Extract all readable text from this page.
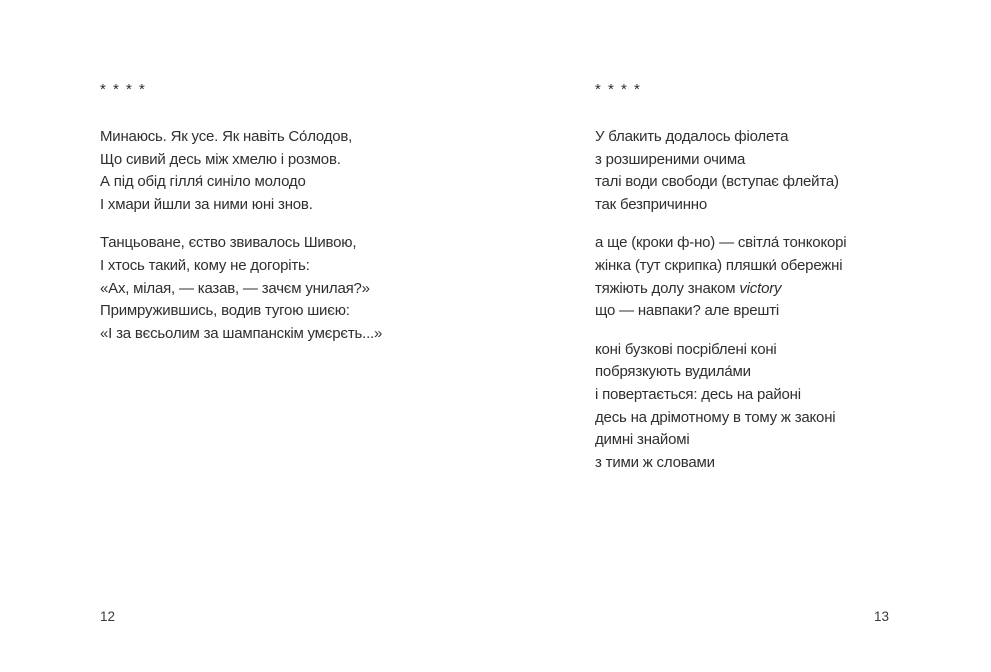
* * * *
Минаюсь. Як усе. Як навіть Со́лодов,
Що сивий десь між хмелю і розмов.
А під обід гілля́ синіло молодо
І хмари йшли за ними юні знов.
Танцьоване, єство звивалось Шивою,
І хтось такий, кому не догоріть:
«Ах, мілая, — казав, — зачєм унилая?»
Примружившись, водив тугою шиєю:
«І за вєсьолим за шампанскім умєрєть...»
* * * *
У блакить додалось фіолета
з розширеними очима
талі води свободи (вступає флейта)
так безпричинно
а ще (кроки ф-но) — світла́ тонкокорі
жінка (тут скрипка) пляшки́ обережні
тяжіють долу знаком victory
що — навпаки? але врешті
коні бузкові посріблені коні
побрязкують вудила́ми
і повертається: десь на районі
десь на дрімотному в тому ж законі
димні знайомі
з тими ж словами
12	13
